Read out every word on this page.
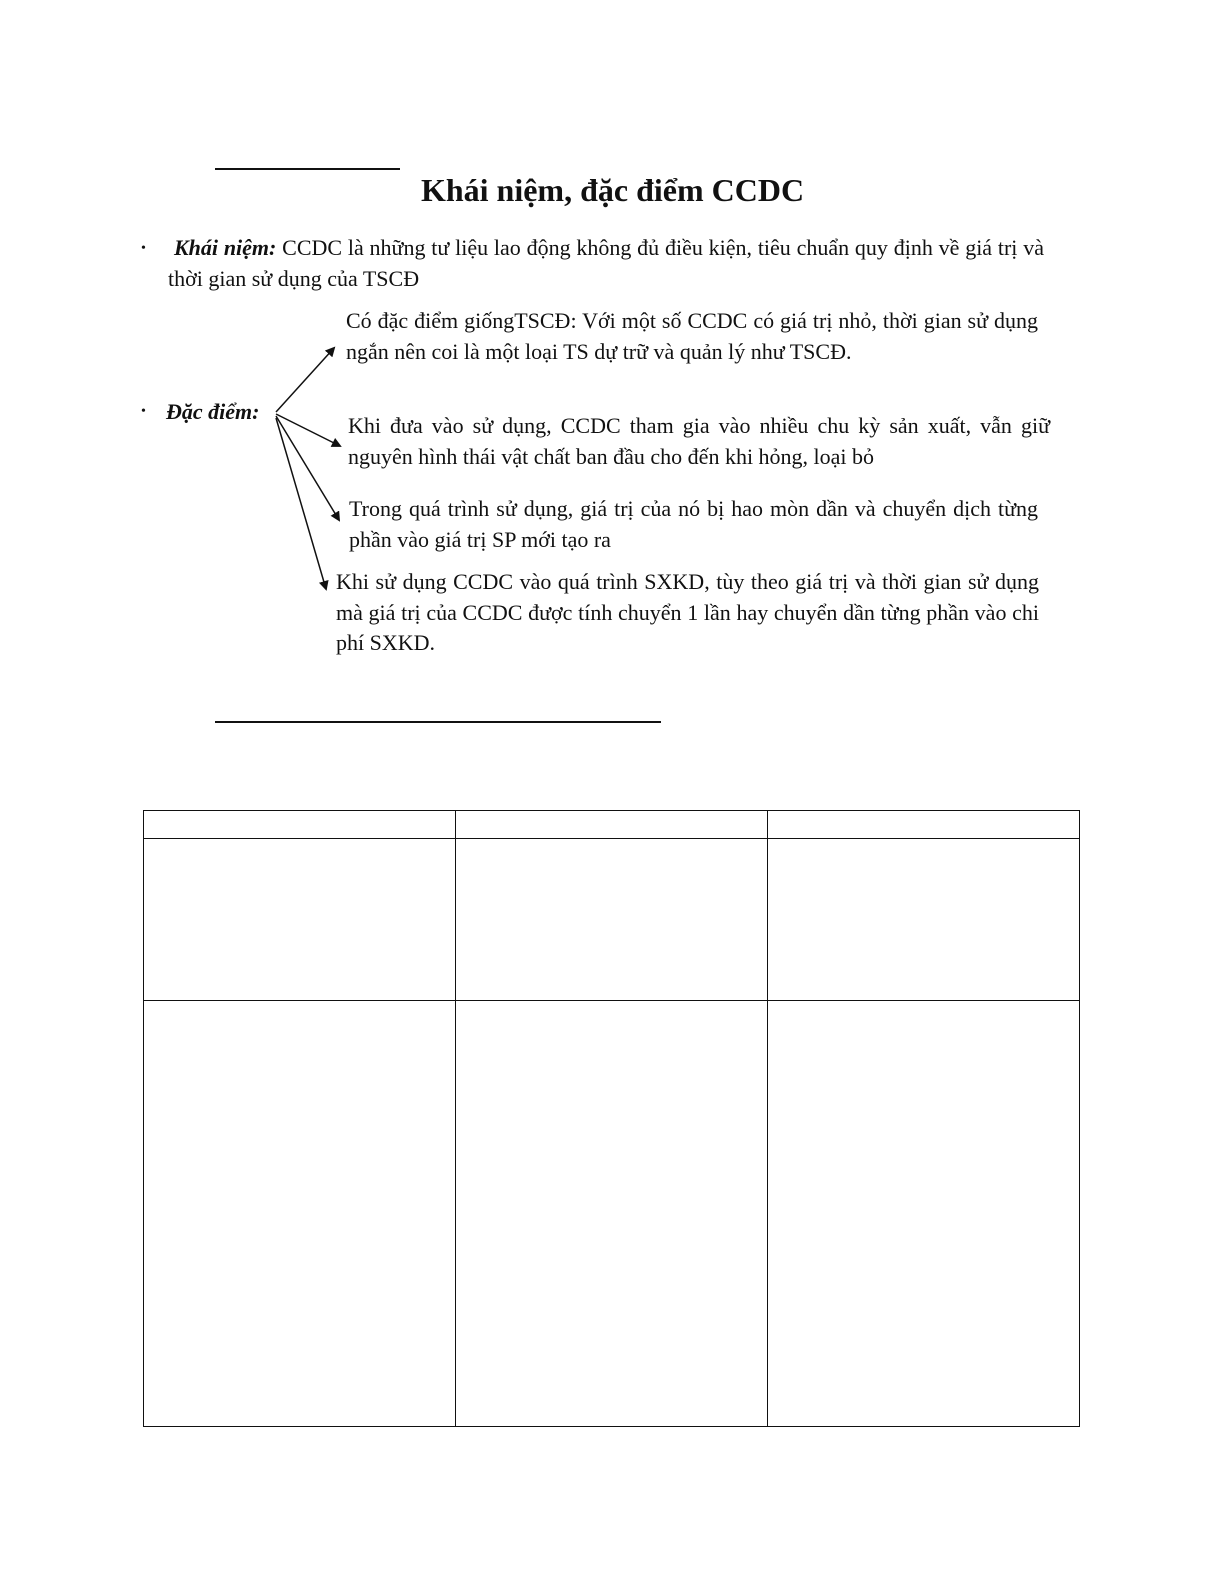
Khái niệm, đặc điểm CCDC
• Khái niệm: CCDC là những tư liệu lao động không đủ điều kiện, tiêu chuẩn quy định về giá trị và thời gian sử dụng của TSCĐ
• Đặc điểm:
Có đặc điểm giốngTSCĐ: Với một số CCDC có giá trị nhỏ, thời gian sử dụng ngắn nên coi là một loại TS dự trữ và quản lý như TSCĐ.
Khi đưa vào sử dụng, CCDC tham gia vào nhiều chu kỳ sản xuất, vẫn giữ nguyên hình thái vật chất ban đầu cho đến khi hỏng, loại bỏ
Trong quá trình sử dụng, giá trị của nó bị hao mòn dần và chuyển dịch từng phần vào giá trị SP mới tạo ra
Khi sử dụng CCDC vào quá trình SXKD, tùy theo giá trị và thời gian sử dụng mà giá trị của CCDC được tính chuyển 1 lần hay chuyển dần từng phần vào chi phí SXKD.
